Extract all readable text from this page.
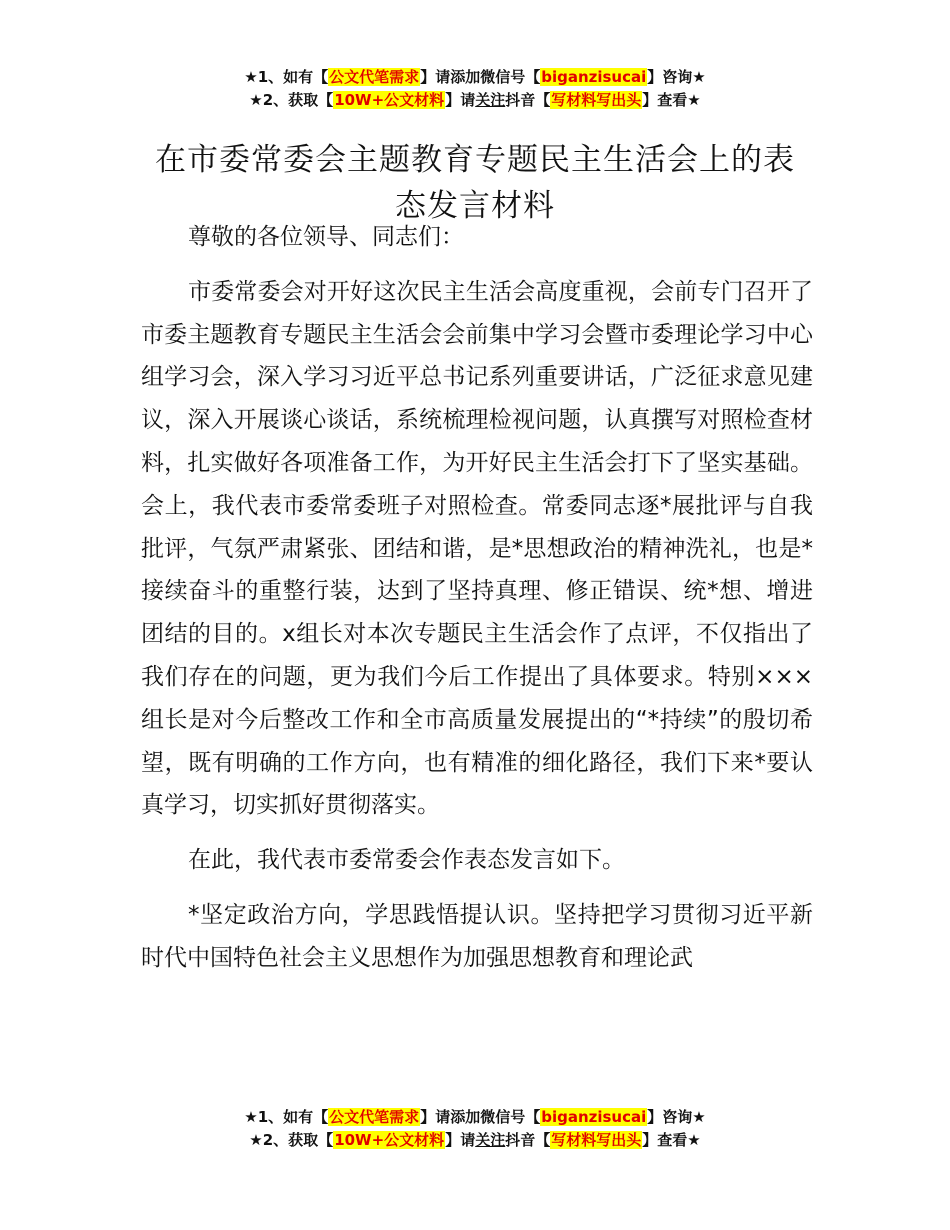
★1、如有【公文代笔需求】请添加微信号【biganzisucai】咨询★
★2、获取【10W+公文材料】请关注抖音【写材料写出头】查看★
在市委常委会主题教育专题民主生活会上的表态发言材料

尊敬的各位领导、同志们：

市委常委会对开好这次民主生活会高度重视，会前专门召开了市委主题教育专题民主生活会会前集中学习会暨市委理论学习中心组学习会，深入学习习近平总书记系列重要讲话，广泛征求意见建议，深入开展谈心谈话，系统梳理检视问题，认真撰写对照检查材料，扎实做好各项准备工作，为开好民主生活会打下了坚实基础。会上，我代表市委常委班子对照检查。常委同志逐*展批评与自我批评，气氛严肃紧张、团结和谐，是*思想政治的精神洗礼，也是*接续奋斗的重整行装，达到了坚持真理、修正错误、统*想、增进团结的目的。x组长对本次专题民主生活会作了点评，不仅指出了我们存在的问题，更为我们今后工作提出了具体要求。特别×××组长是对今后整改工作和全市高质量发展提出的“*持续”的殷切希望，既有明确的工作方向，也有精准的细化路径，我们下来*要认真学习，切实抓好贯彻落实。

在此，我代表市委常委会作表态发言如下。

*坚定政治方向，学思践悟提认识。坚持把学习贯彻习近平新时代中国特色社会主义思想作为加强思想教育和理论武

★1、如有【公文代笔需求】请添加微信号【biganzisucai】咨询★
★2、获取【10W+公文材料】请关注抖音【写材料写出头】查看★
